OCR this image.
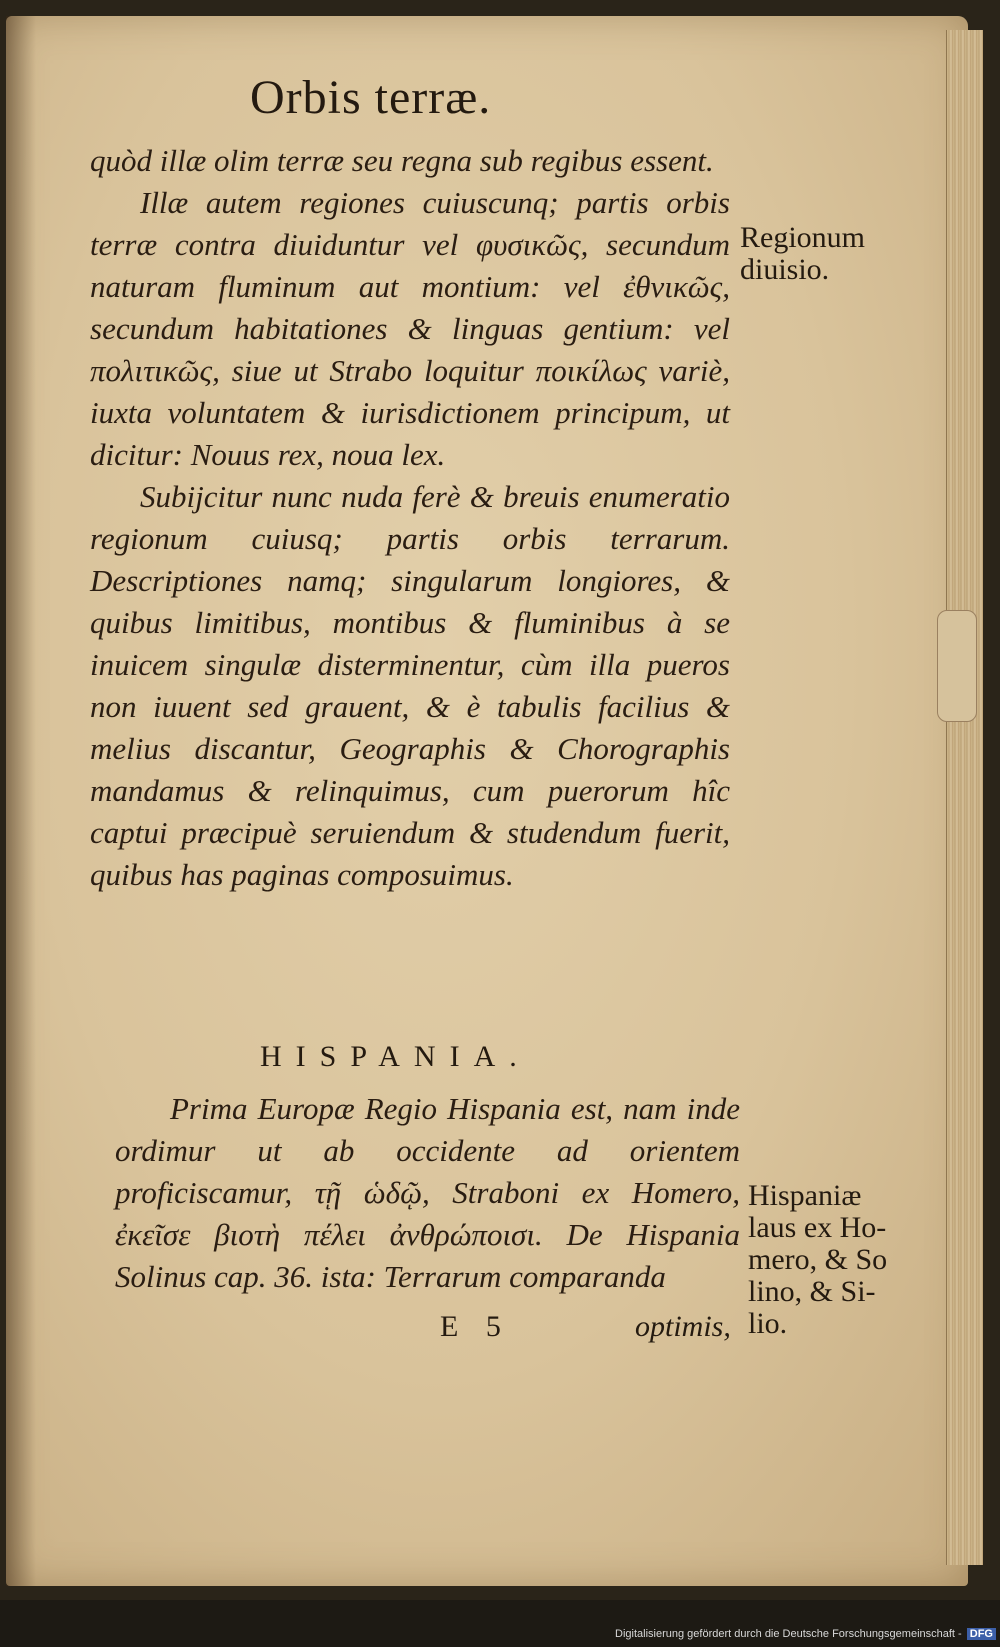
Orbis terræ.

quòd illæ olim terræ seu regna sub regibus essent.

Illæ autem regiones cuiuscunq; partis orbis terræ contra diuiduntur vel φυσικῶς, secundum naturam fluminum aut montium: vel ἐθνικῶς, secundum habitationes & linguas gentium: vel πολιτικῶς, siue ut Strabo loquitur ποικίλως variè, iuxta voluntatem & iurisdictionem principum, ut dicitur: Nouus rex, noua lex.

Subijcitur nunc nuda ferè & breuis enumeratio regionum cuiusq; partis orbis terrarum. Descriptiones namq; singularum longiores, & quibus limitibus, montibus & fluminibus à se inuicem singulæ disterminentur, cùm illa pueros non iuuent sed grauent, & è tabulis facilius & melius discantur, Geographis & Chorographis mandamus & relinquimus, cum puerorum hîc captui præcipuè seruiendum & studendum fuerit, quibus has paginas composuimus.

Regionum
diuisio.
HISPANIA.

Prima Europæ Regio Hispania est, nam inde ordimur ut ab occidente ad orientem proficiscamur, τῇ ὡδῷ, Straboni ex Homero, ἐκεῖσε βιοτὴ πέλει ἀνθρώποισι. De Hispania Solinus cap. 36. ista: Terrarum comparanda

Hispaniæ
laus ex Ho-
mero, & So
lino, & Si-
lio.
E 5	optimis,
Digitalisierung gefördert durch die Deutsche Forschungsgemeinschaft - DFG
